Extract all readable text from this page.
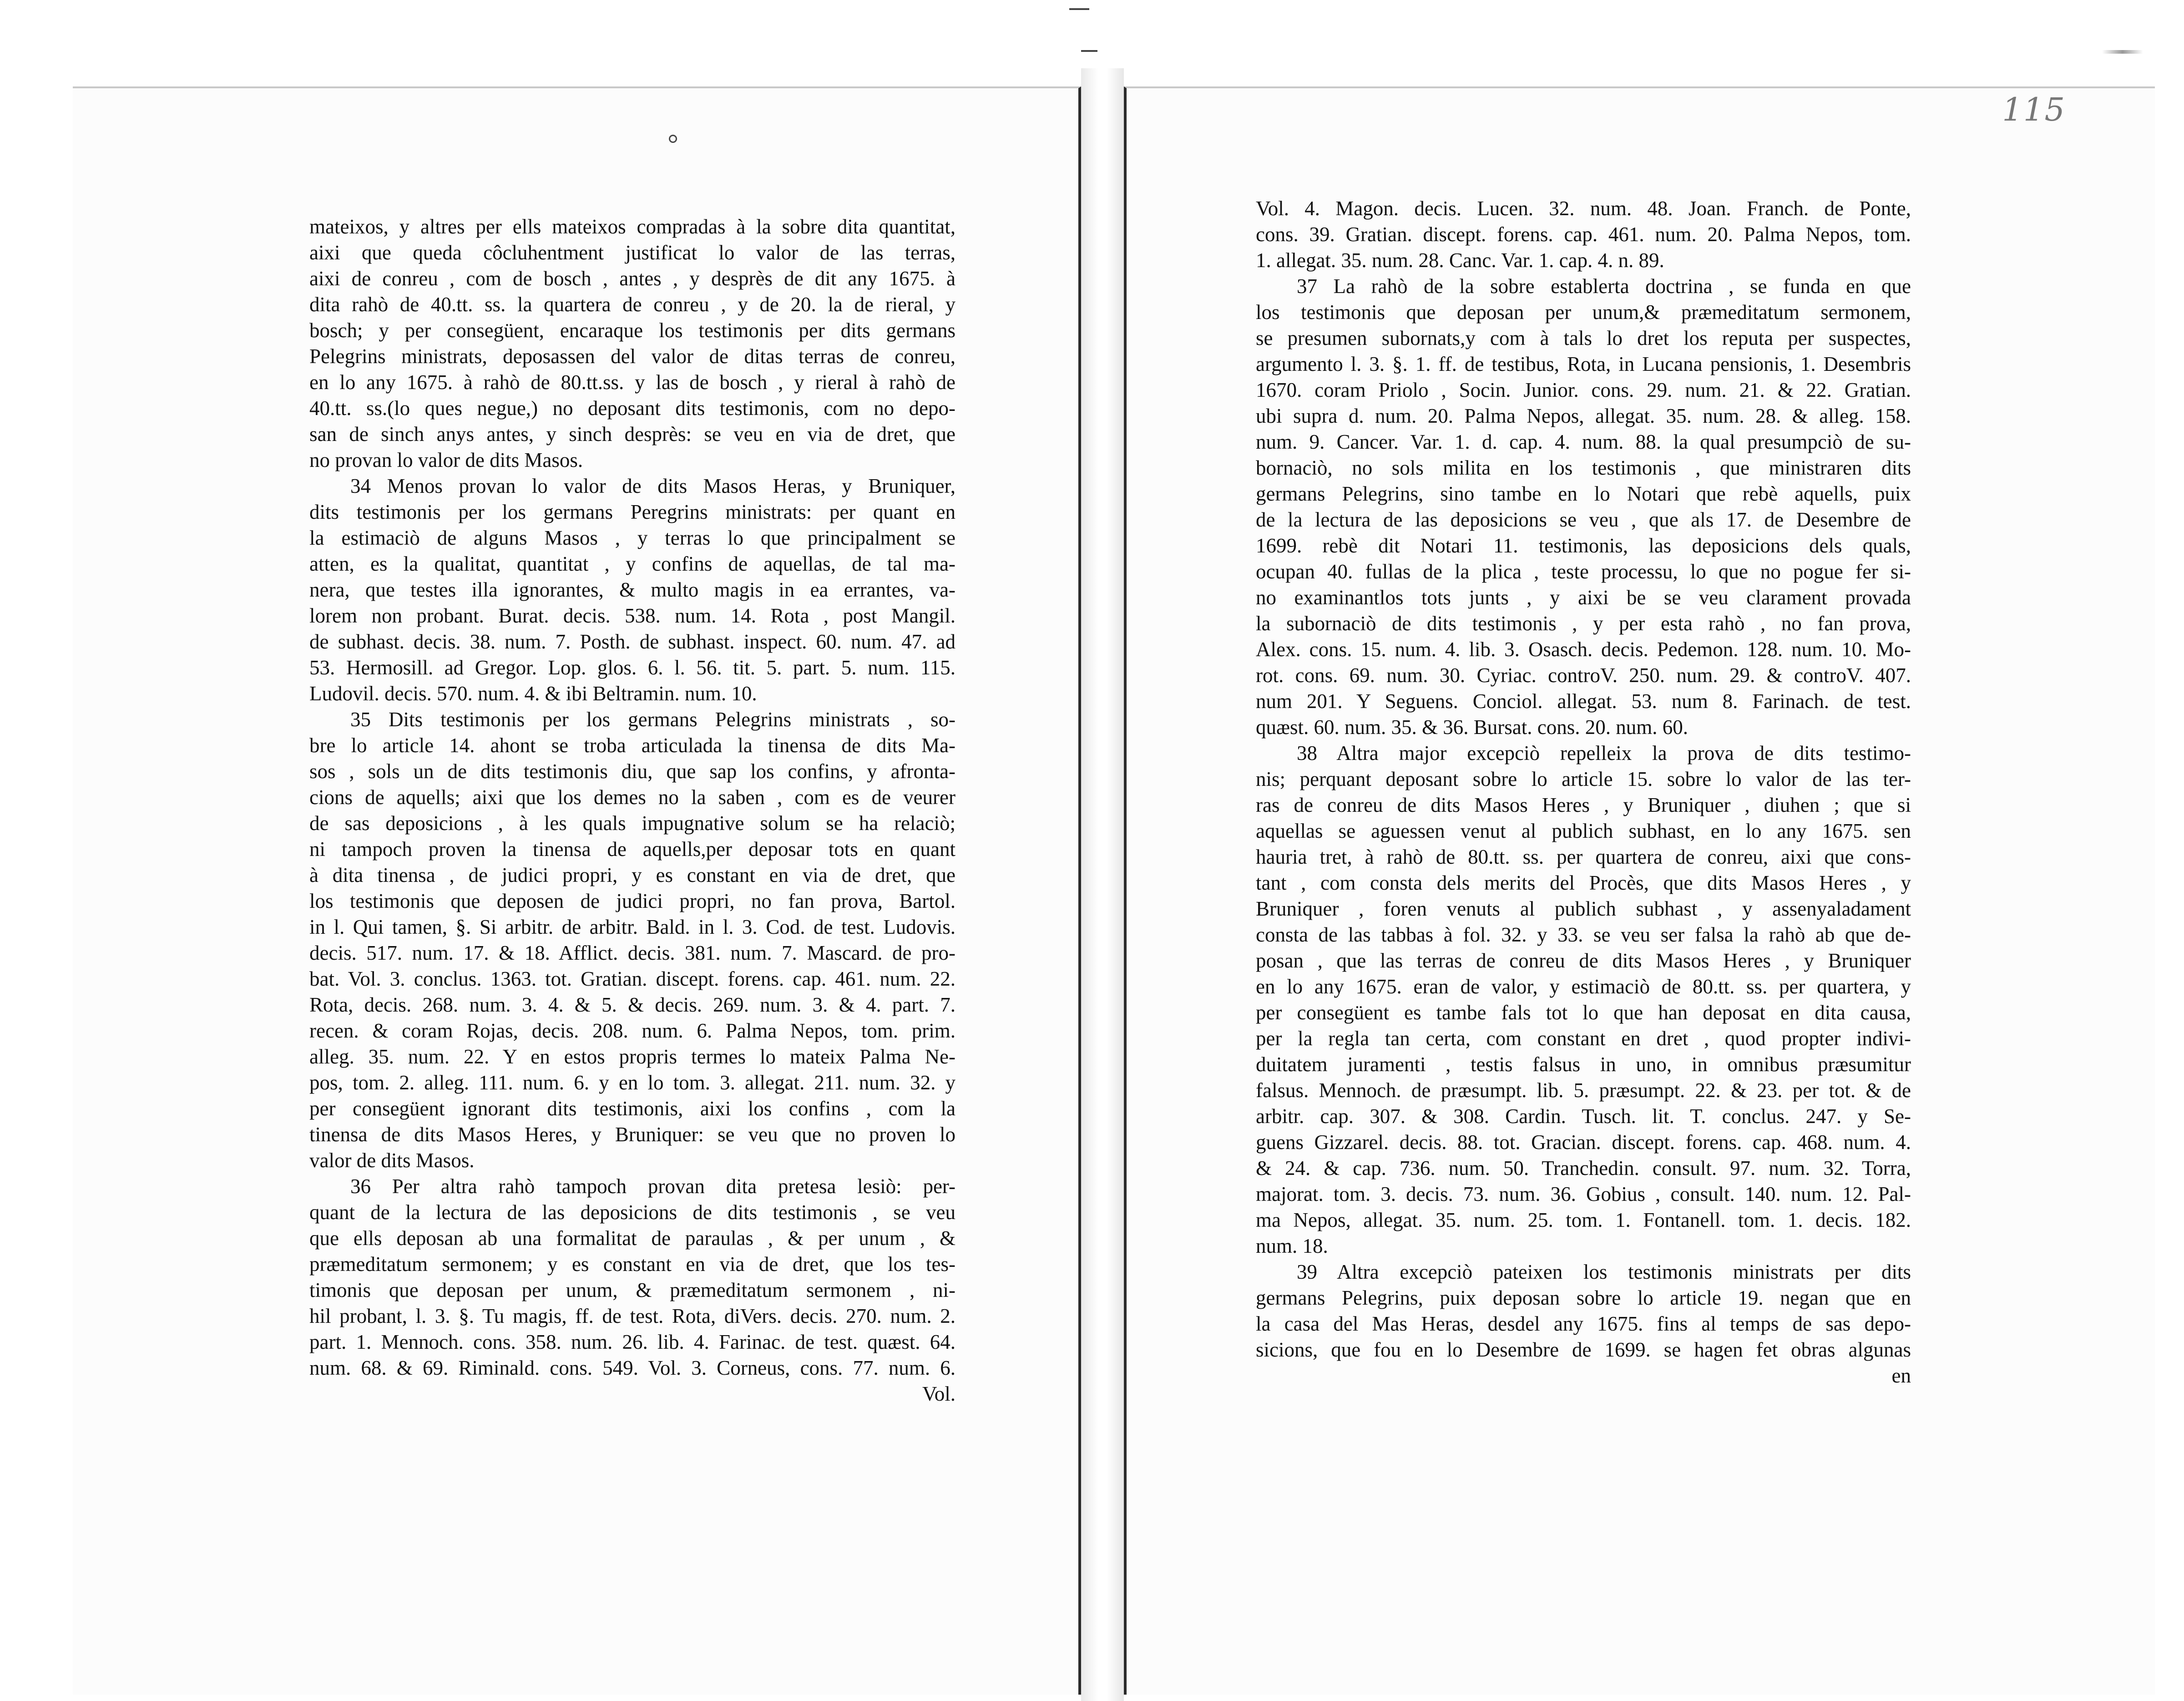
115
mateixos, y altres per ells mateixos compradas à la sobre dita quantitat,
aixi que queda côcluhentment justificat lo valor de las terras,
aixi de conreu , com de bosch , antes , y desprès de dit any 1675. à
dita rahò de 40.tt. ss. la quartera de conreu , y de 20. la de rieral, y
bosch; y per consegüent, encaraque los testimonis per dits germans
Pelegrins ministrats, deposassen del valor de ditas terras de conreu,
en lo any 1675. à rahò de 80.tt.ss. y las de bosch , y rieral à rahò de
40.tt. ss.(lo ques negue,) no deposant dits testimonis, com no depo-
san de sinch anys antes, y sinch desprès: se veu en via de dret, que
no provan lo valor de dits Masos.
34 Menos provan lo valor de dits Masos Heras, y Bruniquer,
dits testimonis per los germans Peregrins ministrats: per quant en
la estimaciò de alguns Masos , y terras lo que principalment se
atten, es la qualitat, quantitat , y confins de aquellas, de tal ma-
nera, que testes illa ignorantes, & multo magis in ea errantes, va-
lorem non probant. Burat. decis. 538. num. 14. Rota , post Mangil.
de subhast. decis. 38. num. 7. Posth. de subhast. inspect. 60. num. 47. ad
53. Hermosill. ad Gregor. Lop. glos. 6. l. 56. tit. 5. part. 5. num. 115.
Ludovil. decis. 570. num. 4. & ibi Beltramin. num. 10.
35 Dits testimonis per los germans Pelegrins ministrats , so-
bre lo article 14. ahont se troba articulada la tinensa de dits Ma-
sos , sols un de dits testimonis diu, que sap los confins, y afronta-
cions de aquells; aixi que los demes no la saben , com es de veurer
de sas deposicions , à les quals impugnative solum se ha relaciò;
ni tampoch proven la tinensa de aquells,per deposar tots en quant
à dita tinensa , de judici propri, y es constant en via de dret, que
los testimonis que deposen de judici propri, no fan prova, Bartol.
in l. Qui tamen, §. Si arbitr. de arbitr. Bald. in l. 3. Cod. de test. Ludovis.
decis. 517. num. 17. & 18. Afflict. decis. 381. num. 7. Mascard. de pro-
bat. Vol. 3. conclus. 1363. tot. Gratian. discept. forens. cap. 461. num. 22.
Rota, decis. 268. num. 3. 4. & 5. & decis. 269. num. 3. & 4. part. 7.
recen. & coram Rojas, decis. 208. num. 6. Palma Nepos, tom. prim.
alleg. 35. num. 22. Y en estos propris termes lo mateix Palma Ne-
pos, tom. 2. alleg. 111. num. 6. y en lo tom. 3. allegat. 211. num. 32. y
per consegüent ignorant dits testimonis, aixi los confins , com la
tinensa de dits Masos Heres, y Bruniquer: se veu que no proven lo
valor de dits Masos.
36 Per altra rahò tampoch provan dita pretesa lesiò: per-
quant de la lectura de las deposicions de dits testimonis , se veu
que ells deposan ab una formalitat de paraulas , & per unum , &
præmeditatum sermonem; y es constant en via de dret, que los tes-
timonis que deposan per unum, & præmeditatum sermonem , ni-
hil probant, l. 3. §. Tu magis, ff. de test. Rota, diVers. decis. 270. num. 2.
part. 1. Mennoch. cons. 358. num. 26. lib. 4. Farinac. de test. quæst. 64.
num. 68. & 69. Riminald. cons. 549. Vol. 3. Corneus, cons. 77. num. 6.
Vol.
Vol. 4. Magon. decis. Lucen. 32. num. 48. Joan. Franch. de Ponte,
cons. 39. Gratian. discept. forens. cap. 461. num. 20. Palma Nepos, tom.
1. allegat. 35. num. 28. Canc. Var. 1. cap. 4. n. 89.
37 La rahò de la sobre establerta doctrina , se funda en que
los testimonis que deposan per unum,& præmeditatum sermonem,
se presumen subornats,y com à tals lo dret los reputa per suspectes,
argumento l. 3. §. 1. ff. de testibus, Rota, in Lucana pensionis, 1. Desembris
1670. coram Priolo , Socin. Junior. cons. 29. num. 21. & 22. Gratian.
ubi supra d. num. 20. Palma Nepos, allegat. 35. num. 28. & alleg. 158.
num. 9. Cancer. Var. 1. d. cap. 4. num. 88. la qual presumpciò de su-
bornaciò, no sols milita en los testimonis , que ministraren dits
germans Pelegrins, sino tambe en lo Notari que rebè aquells, puix
de la lectura de las deposicions se veu , que als 17. de Desembre de
1699. rebè dit Notari 11. testimonis, las deposicions dels quals,
ocupan 40. fullas de la plica , teste processu, lo que no pogue fer si-
no examinantlos tots junts , y aixi be se veu clarament provada
la subornaciò de dits testimonis , y per esta rahò , no fan prova,
Alex. cons. 15. num. 4. lib. 3. Osasch. decis. Pedemon. 128. num. 10. Mo-
rot. cons. 69. num. 30. Cyriac. controV. 250. num. 29. & controV. 407.
num 201. Y Seguens. Conciol. allegat. 53. num 8. Farinach. de test.
quæst. 60. num. 35. & 36. Bursat. cons. 20. num. 60.
38 Altra major excepciò repelleix la prova de dits testimo-
nis; perquant deposant sobre lo article 15. sobre lo valor de las ter-
ras de conreu de dits Masos Heres , y Bruniquer , diuhen ; que si
aquellas se aguessen venut al publich subhast, en lo any 1675. sen
hauria tret, à rahò de 80.tt. ss. per quartera de conreu, aixi que cons-
tant , com consta dels merits del Procès, que dits Masos Heres , y
Bruniquer , foren venuts al publich subhast , y assenyaladament
consta de las tabbas à fol. 32. y 33. se veu ser falsa la rahò ab que de-
posan , que las terras de conreu de dits Masos Heres , y Bruniquer
en lo any 1675. eran de valor, y estimaciò de 80.tt. ss. per quartera, y
per consegüent es tambe fals tot lo que han deposat en dita causa,
per la regla tan certa, com constant en dret , quod propter indivi-
duitatem juramenti , testis falsus in uno, in omnibus præsumitur
falsus. Mennoch. de præsumpt. lib. 5. præsumpt. 22. & 23. per tot. & de
arbitr. cap. 307. & 308. Cardin. Tusch. lit. T. conclus. 247. y Se-
guens Gizzarel. decis. 88. tot. Gracian. discept. forens. cap. 468. num. 4.
& 24. & cap. 736. num. 50. Tranchedin. consult. 97. num. 32. Torra,
majorat. tom. 3. decis. 73. num. 36. Gobius , consult. 140. num. 12. Pal-
ma Nepos, allegat. 35. num. 25. tom. 1. Fontanell. tom. 1. decis. 182.
num. 18.
39 Altra excepciò pateixen los testimonis ministrats per dits
germans Pelegrins, puix deposan sobre lo article 19. negan que en
la casa del Mas Heras, desdel any 1675. fins al temps de sas depo-
sicions, que fou en lo Desembre de 1699. se hagen fet obras algunas
en
